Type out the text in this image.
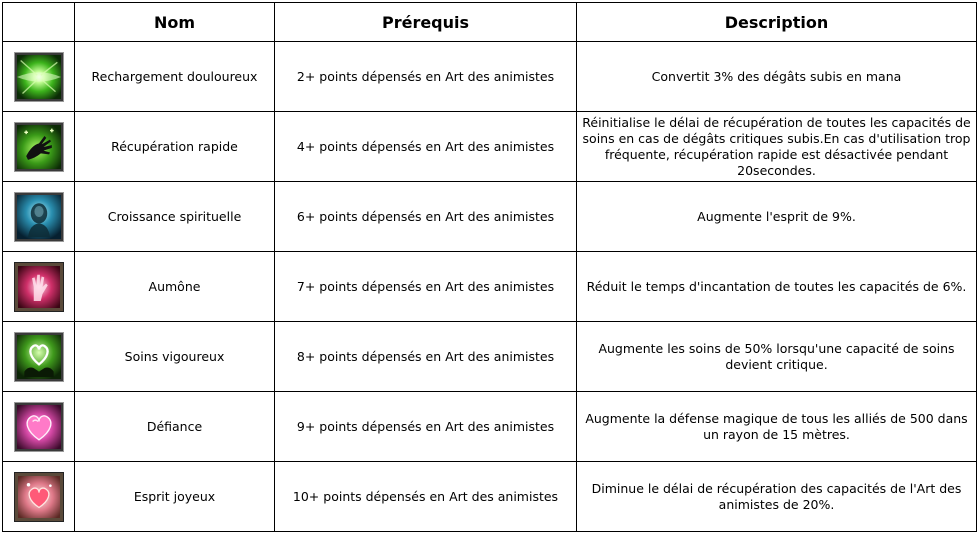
	Nom	Prérequis	Description

	Rechargement douloureux	2+ points dépensés en Art des animistes	Convertit 3% des dégâts subis en mana

	Récupération rapide	4+ points dépensés en Art des animistes	Réinitialise le délai de récupération de toutes les capacités de soins en cas de dégâts critiques subis.En cas d'utilisation trop fréquente, récupération rapide est désactivée pendant 20secondes.

	Croissance spirituelle	6+ points dépensés en Art des animistes	Augmente l'esprit de 9%.

	Aumône	7+ points dépensés en Art des animistes	Réduit le temps d'incantation de toutes les capacités de 6%.

	Soins vigoureux	8+ points dépensés en Art des animistes	Augmente les soins de 50% lorsqu'une capacité de soins devient critique.

	Défiance	9+ points dépensés en Art des animistes	Augmente la défense magique de tous les alliés de 500 dans un rayon de 15 mètres.

	Esprit joyeux	10+ points dépensés en Art des animistes	Diminue le délai de récupération des capacités de l'Art des animistes de 20%.
